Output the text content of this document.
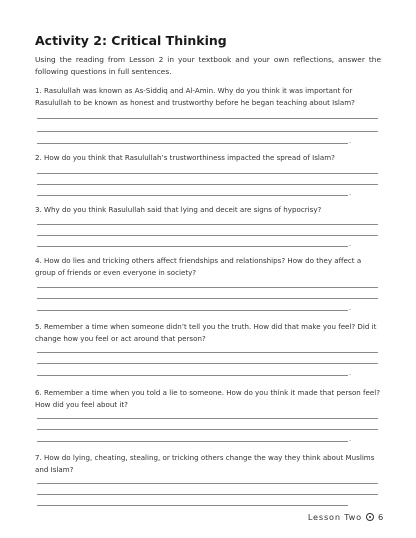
Activity 2: Critical Thinking
Using the reading from Lesson 2 in your textbook and your own reflections, answer the following questions in full sentences.
1. Rasulullah was known as As-Siddiq and Al-Amin. Why do you think it was important for Rasulullah to be known as honest and trustworthy before he began teaching about Islam?
.
2. How do you think that Rasulullah’s trustworthiness impacted the spread of Islam?
.
3. Why do you think Rasulullah said that lying and deceit are signs of hypocrisy?
.
4. How do lies and tricking others affect friendships and relationships? How do they affect a group of friends or even everyone in society?
.
5. Remember a time when someone didn’t tell you the truth. How did that make you feel? Did it change how you feel or act around that person?
.
6. Remember a time when you told a lie to someone. How do you think it made that person feel? How did you feel about it?
.
7. How do lying, cheating, stealing, or tricking others change the way they think about Muslims and Islam?
Lesson Two 6
